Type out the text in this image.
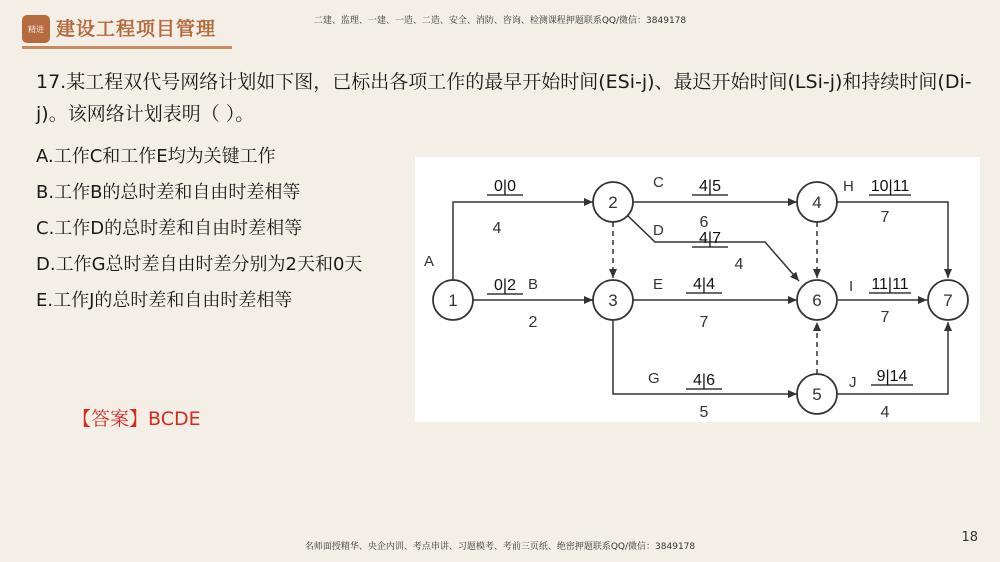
精进 建设工程项目管理	二建、监理、一建、一造、二造、安全、消防、咨询、检测课程押题联系QQ/微信：3849178

17.某工程双代号网络计划如下图，已标出各项工作的最早开始时间(ESi-j)、最迟开始时间(LSi-j)和持续时间(Di-j)。该网络计划表明（ ）。

A.工作C和工作E均为关键工作
B.工作B的总时差和自由时差相等
C.工作D的总时差和自由时差相等
D.工作G总时差自由时差分别为2天和0天
E.工作J的总时差和自由时差相等
【答案】BCDE
1
2
3
4
5
6	7
A
B
C
D
E
G
H
I
J
0|0
0|2
4|5
4|7
4|4
4|6
10|11
11|11
9|14
4
2
6
4
7
5
7
7
4
名师面授精华、央企内训、考点串讲、习题模考、考前三页纸、绝密押题联系QQ/微信：3849178
18
